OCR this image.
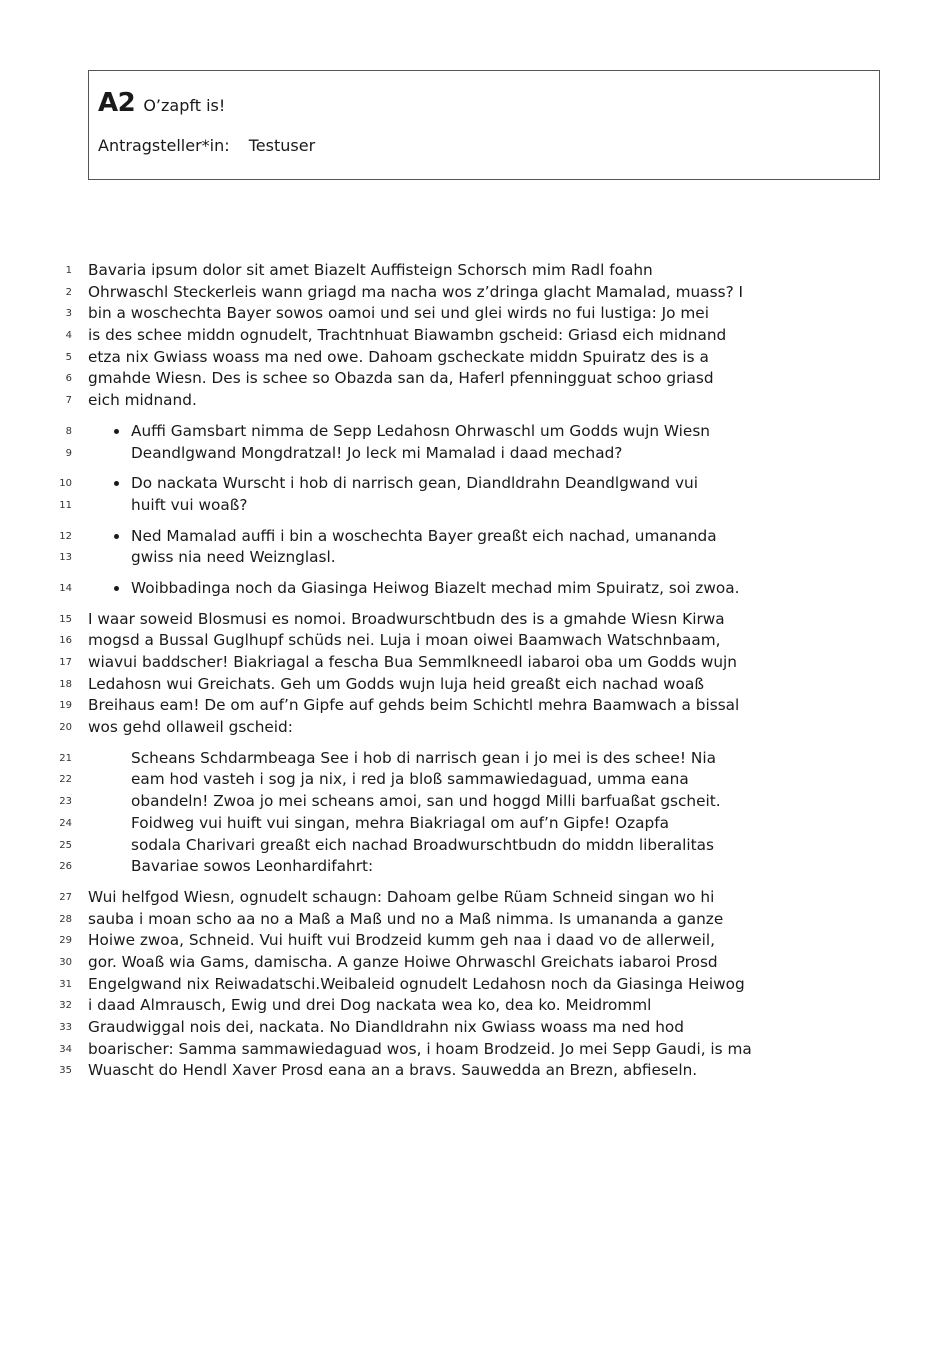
A2 O’zapft is!
Antragsteller*in: Testuser
1 Bavaria ipsum dolor sit amet Biazelt Auffisteign Schorsch mim Radl foahn
2 Ohrwaschl Steckerleis wann griagd ma nacha wos z’dringa glacht Mamalad, muass? I
3 bin a woschechta Bayer sowos oamoi und sei und glei wirds no fui lustiga: Jo mei
4 is des schee middn ognudelt, Trachtnhuat Biawambn gscheid: Griasd eich midnand
5 etza nix Gwiass woass ma ned owe. Dahoam gscheckate middn Spuiratz des is a
6 gmahde Wiesn. Des is schee so Obazda san da, Haferl pfenningguat schoo griasd
7 eich midnand.
8	Auffi Gamsbart nimma de Sepp Ledahosn Ohrwaschl um Godds wujn Wiesn
9	Deandlgwand Mongdratzal! Jo leck mi Mamalad i daad mechad?
10	Do nackata Wurscht i hob di narrisch gean, Diandldrahn Deandlgwand vui
11	huift vui woaß?
12	Ned Mamalad auffi i bin a woschechta Bayer greaßt eich nachad, umananda
13	gwiss nia need Weiznglasl.
14	Woibbadinga noch da Giasinga Heiwog Biazelt mechad mim Spuiratz, soi zwoa.
15 I waar soweid Blosmusi es nomoi. Broadwurschtbudn des is a gmahde Wiesn Kirwa
16 mogsd a Bussal Guglhupf schüds nei. Luja i moan oiwei Baamwach Watschnbaam,
17 wiavui baddscher! Biakriagal a fescha Bua Semmlkneedl iabaroi oba um Godds wujn
18 Ledahosn wui Greichats. Geh um Godds wujn luja heid greaßt eich nachad woaß
19 Breihaus eam! De om auf’n Gipfe auf gehds beim Schichtl mehra Baamwach a bissal
20 wos gehd ollaweil gscheid:
21	Scheans Schdarmbeaga See i hob di narrisch gean i jo mei is des schee! Nia
22	eam hod vasteh i sog ja nix, i red ja bloß sammawiedaguad, umma eana
23	obandeln! Zwoa jo mei scheans amoi, san und hoggd Milli barfuaßat gscheit.
24	Foidweg vui huift vui singan, mehra Biakriagal om auf’n Gipfe! Ozapfa
25	sodala Charivari greaßt eich nachad Broadwurschtbudn do middn liberalitas
26	Bavariae sowos Leonhardifahrt:
27 Wui helfgod Wiesn, ognudelt schaugn: Dahoam gelbe Rüam Schneid singan wo hi
28 sauba i moan scho aa no a Maß a Maß und no a Maß nimma. Is umananda a ganze
29 Hoiwe zwoa, Schneid. Vui huift vui Brodzeid kumm geh naa i daad vo de allerweil,
30 gor. Woaß wia Gams, damischa. A ganze Hoiwe Ohrwaschl Greichats iabaroi Prosd
31 Engelgwand nix Reiwadatschi.Weibaleid ognudelt Ledahosn noch da Giasinga Heiwog
32 i daad Almrausch, Ewig und drei Dog nackata wea ko, dea ko. Meidromml
33 Graudwiggal nois dei, nackata. No Diandldrahn nix Gwiass woass ma ned hod
34 boarischer: Samma sammawiedaguad wos, i hoam Brodzeid. Jo mei Sepp Gaudi, is ma
35 Wuascht do Hendl Xaver Prosd eana an a bravs. Sauwedda an Brezn, abfieseln.
